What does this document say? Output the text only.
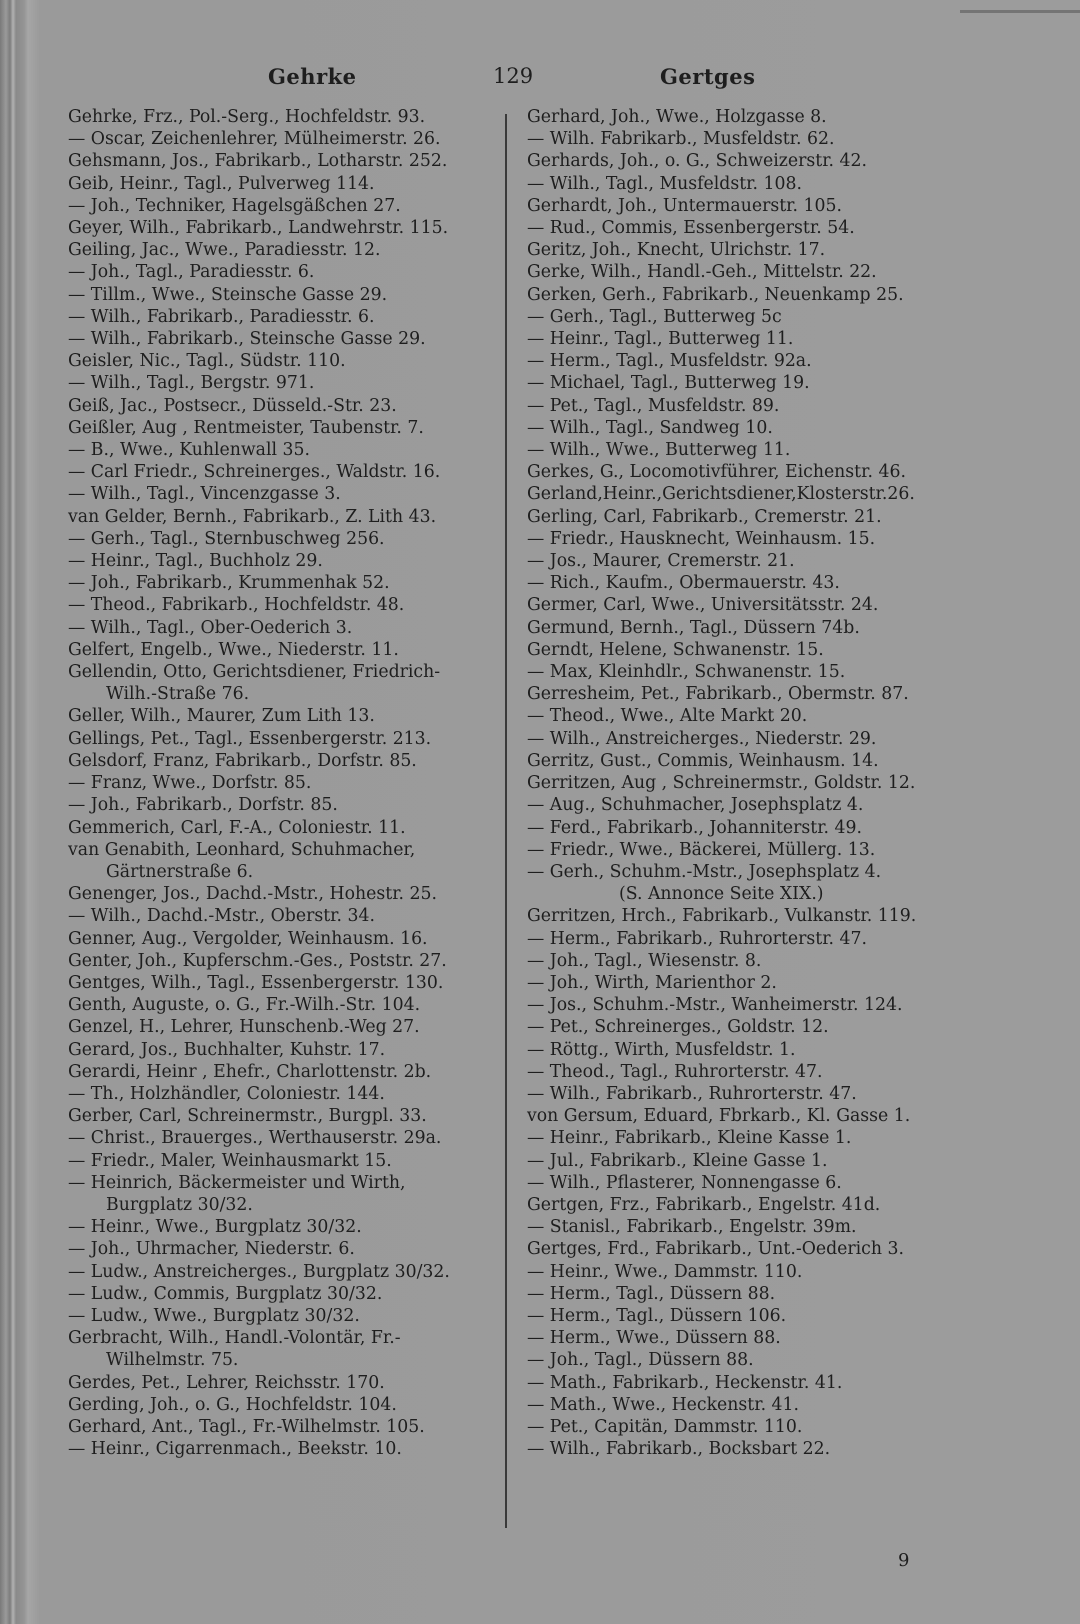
Gehrke	129	Gertges
Gehrke, Frz., Pol.-Serg., Hochfeldstr. 93.
— Oscar, Zeichenlehrer, Mülheimerstr. 26.
Gehsmann, Jos., Fabrikarb., Lotharstr. 252.
Geib, Heinr., Tagl., Pulverweg 114.
— Joh., Techniker, Hagelsgäßchen 27.
Geyer, Wilh., Fabrikarb., Landwehrstr. 115.
Geiling, Jac., Wwe., Paradiesstr. 12.
— Joh., Tagl., Paradiesstr. 6.
— Tillm., Wwe., Steinsche Gasse 29.
— Wilh., Fabrikarb., Paradiesstr. 6.
— Wilh., Fabrikarb., Steinsche Gasse 29.
Geisler, Nic., Tagl., Südstr. 110.
— Wilh., Tagl., Bergstr. 971.
Geiß, Jac., Postsecr., Düsseld.-Str. 23.
Geißler, Aug , Rentmeister, Taubenstr. 7.
— B., Wwe., Kuhlenwall 35.
— Carl Friedr., Schreinerges., Waldstr. 16.
— Wilh., Tagl., Vincenzgasse 3.
van Gelder, Bernh., Fabrikarb., Z. Lith 43.
— Gerh., Tagl., Sternbuschweg 256.
— Heinr., Tagl., Buchholz 29.
— Joh., Fabrikarb., Krummenhak 52.
— Theod., Fabrikarb., Hochfeldstr. 48.
— Wilh., Tagl., Ober-Oederich 3.
Gelfert, Engelb., Wwe., Niederstr. 11.
Gellendin, Otto, Gerichtsdiener, Friedrich-
Wilh.-Straße 76.
Geller, Wilh., Maurer, Zum Lith 13.
Gellings, Pet., Tagl., Essenbergerstr. 213.
Gelsdorf, Franz, Fabrikarb., Dorfstr. 85.
— Franz, Wwe., Dorfstr. 85.
— Joh., Fabrikarb., Dorfstr. 85.
Gemmerich, Carl, F.-A., Coloniestr. 11.
van Genabith, Leonhard, Schuhmacher,
Gärtnerstraße 6.
Genenger, Jos., Dachd.-Mstr., Hohestr. 25.
— Wilh., Dachd.-Mstr., Oberstr. 34.
Genner, Aug., Vergolder, Weinhausm. 16.
Genter, Joh., Kupferschm.-Ges., Poststr. 27.
Gentges, Wilh., Tagl., Essenbergerstr. 130.
Genth, Auguste, o. G., Fr.-Wilh.-Str. 104.
Genzel, H., Lehrer, Hunschenb.-Weg 27.
Gerard, Jos., Buchhalter, Kuhstr. 17.
Gerardi, Heinr , Ehefr., Charlottenstr. 2b.
— Th., Holzhändler, Coloniestr. 144.
Gerber, Carl, Schreinermstr., Burgpl. 33.
— Christ., Brauerges., Werthauserstr. 29a.
— Friedr., Maler, Weinhausmarkt 15.
— Heinrich, Bäckermeister und Wirth,
Burgplatz 30/32.
— Heinr., Wwe., Burgplatz 30/32.
— Joh., Uhrmacher, Niederstr. 6.
— Ludw., Anstreicherges., Burgplatz 30/32.
— Ludw., Commis, Burgplatz 30/32.
— Ludw., Wwe., Burgplatz 30/32.
Gerbracht, Wilh., Handl.-Volontär, Fr.-
Wilhelmstr. 75.
Gerdes, Pet., Lehrer, Reichsstr. 170.
Gerding, Joh., o. G., Hochfeldstr. 104.
Gerhard, Ant., Tagl., Fr.-Wilhelmstr. 105.
— Heinr., Cigarrenmach., Beekstr. 10.
Gerhard, Joh., Wwe., Holzgasse 8.
— Wilh. Fabrikarb., Musfeldstr. 62.
Gerhards, Joh., o. G., Schweizerstr. 42.
— Wilh., Tagl., Musfeldstr. 108.
Gerhardt, Joh., Untermauerstr. 105.
— Rud., Commis, Essenbergerstr. 54.
Geritz, Joh., Knecht, Ulrichstr. 17.
Gerke, Wilh., Handl.-Geh., Mittelstr. 22.
Gerken, Gerh., Fabrikarb., Neuenkamp 25.
— Gerh., Tagl., Butterweg 5c
— Heinr., Tagl., Butterweg 11.
— Herm., Tagl., Musfeldstr. 92a.
— Michael, Tagl., Butterweg 19.
— Pet., Tagl., Musfeldstr. 89.
— Wilh., Tagl., Sandweg 10.
— Wilh., Wwe., Butterweg 11.
Gerkes, G., Locomotivführer, Eichenstr. 46.
Gerland,Heinr.,Gerichtsdiener,Klosterstr.26.
Gerling, Carl, Fabrikarb., Cremerstr. 21.
— Friedr., Hausknecht, Weinhausm. 15.
— Jos., Maurer, Cremerstr. 21.
— Rich., Kaufm., Obermauerstr. 43.
Germer, Carl, Wwe., Universitätsstr. 24.
Germund, Bernh., Tagl., Düssern 74b.
Gerndt, Helene, Schwanenstr. 15.
— Max, Kleinhdlr., Schwanenstr. 15.
Gerresheim, Pet., Fabrikarb., Obermstr. 87.
— Theod., Wwe., Alte Markt 20.
— Wilh., Anstreicherges., Niederstr. 29.
Gerritz, Gust., Commis, Weinhausm. 14.
Gerritzen, Aug , Schreinermstr., Goldstr. 12.
— Aug., Schuhmacher, Josephsplatz 4.
— Ferd., Fabrikarb., Johanniterstr. 49.
— Friedr., Wwe., Bäckerei, Müllerg. 13.
— Gerh., Schuhm.-Mstr., Josephsplatz 4.
(S. Annonce Seite XIX.)
Gerritzen, Hrch., Fabrikarb., Vulkanstr. 119.
— Herm., Fabrikarb., Ruhrorterstr. 47.
— Joh., Tagl., Wiesenstr. 8.
— Joh., Wirth, Marienthor 2.
— Jos., Schuhm.-Mstr., Wanheimerstr. 124.
— Pet., Schreinerges., Goldstr. 12.
— Röttg., Wirth, Musfeldstr. 1.
— Theod., Tagl., Ruhrorterstr. 47.
— Wilh., Fabrikarb., Ruhrorterstr. 47.
von Gersum, Eduard, Fbrkarb., Kl. Gasse 1.
— Heinr., Fabrikarb., Kleine Kasse 1.
— Jul., Fabrikarb., Kleine Gasse 1.
— Wilh., Pflasterer, Nonnengasse 6.
Gertgen, Frz., Fabrikarb., Engelstr. 41d.
— Stanisl., Fabrikarb., Engelstr. 39m.
Gertges, Frd., Fabrikarb., Unt.-Oederich 3.
— Heinr., Wwe., Dammstr. 110.
— Herm., Tagl., Düssern 88.
— Herm., Tagl., Düssern 106.
— Herm., Wwe., Düssern 88.
— Joh., Tagl., Düssern 88.
— Math., Fabrikarb., Heckenstr. 41.
— Math., Wwe., Heckenstr. 41.
— Pet., Capitän, Dammstr. 110.
— Wilh., Fabrikarb., Bocksbart 22.
9
